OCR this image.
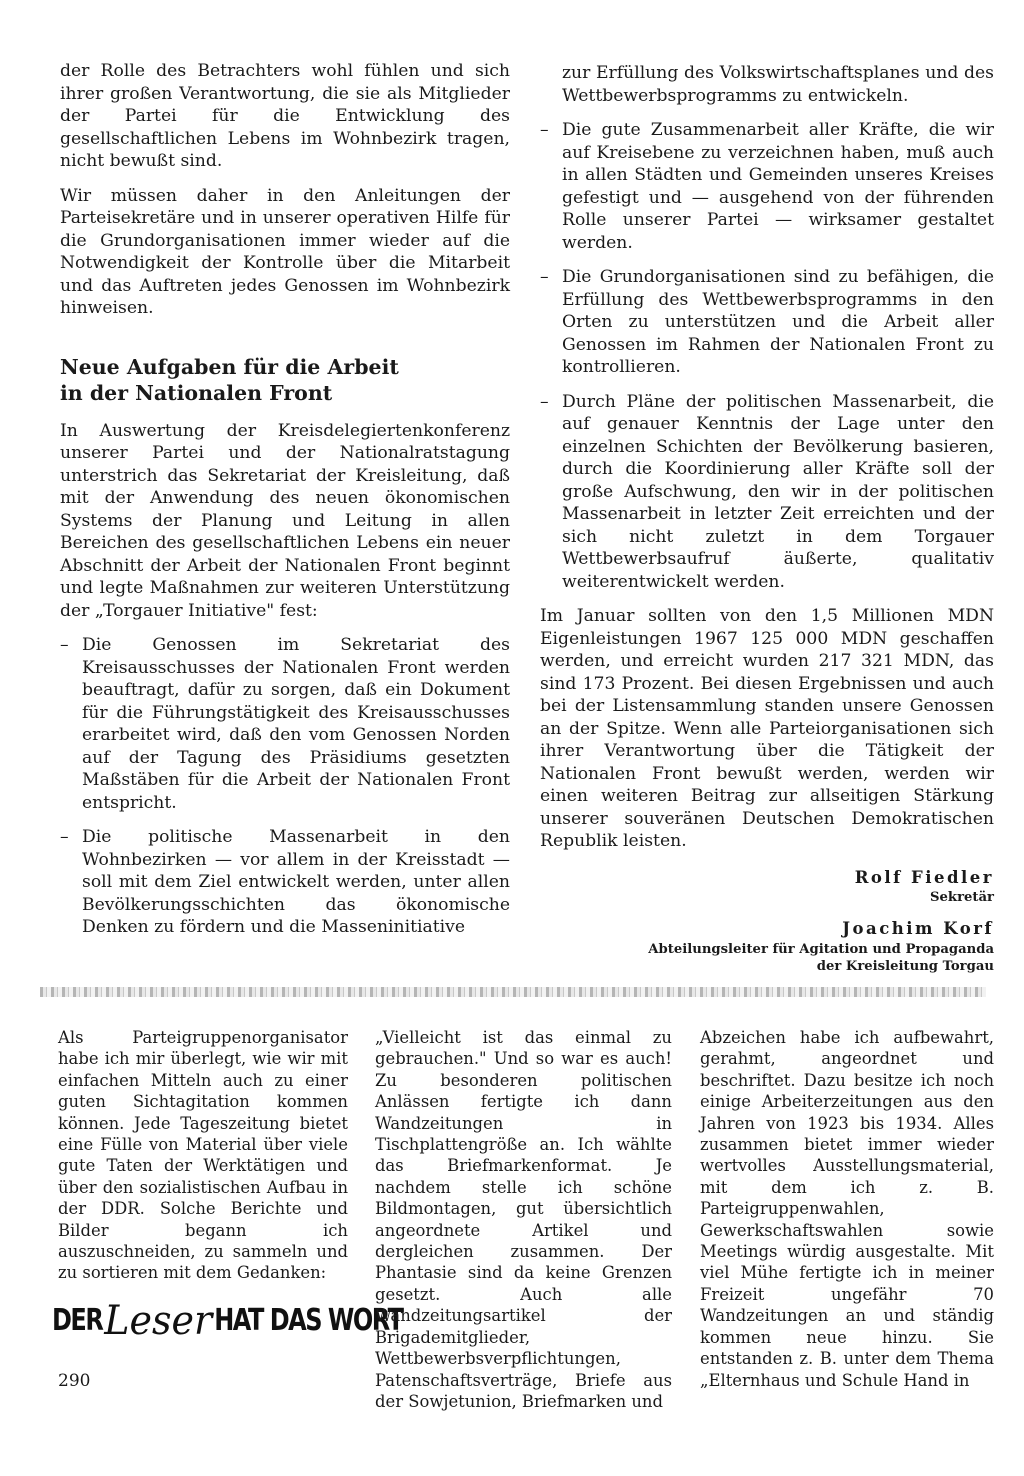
der Rolle des Betrachters wohl fühlen und sich ihrer großen Verantwortung, die sie als Mitglieder der Partei für die Entwicklung des gesellschaftlichen Lebens im Wohnbezirk tragen, nicht bewußt sind.

Wir müssen daher in den Anleitungen der Parteisekretäre und in unserer operativen Hilfe für die Grundorganisationen immer wieder auf die Notwendigkeit der Kontrolle über die Mitarbeit und das Auftreten jedes Genossen im Wohnbezirk hinweisen.

Neue Aufgaben für die Arbeit
in der Nationalen Front

In Auswertung der Kreisdelegiertenkonferenz unserer Partei und der Nationalratstagung unterstrich das Sekretariat der Kreisleitung, daß mit der Anwendung des neuen ökonomischen Systems der Planung und Leitung in allen Bereichen des gesellschaftlichen Lebens ein neuer Abschnitt der Arbeit der Nationalen Front beginnt und legte Maßnahmen zur weiteren Unterstützung der „Torgauer Initiative" fest:

– Die Genossen im Sekretariat des Kreisausschusses der Nationalen Front werden beauftragt, dafür zu sorgen, daß ein Dokument für die Führungstätigkeit des Kreisausschusses erarbeitet wird, daß den vom Genossen Norden auf der Tagung des Präsidiums gesetzten Maßstäben für die Arbeit der Nationalen Front entspricht.
– Die politische Massenarbeit in den Wohnbezirken — vor allem in der Kreisstadt — soll mit dem Ziel entwickelt werden, unter allen Bevölkerungsschichten das ökonomische Denken zu fördern und die Masseninitiative
zur Erfüllung des Volkswirtschaftsplanes und des Wettbewerbsprogramms zu entwickeln.
– Die gute Zusammenarbeit aller Kräfte, die wir auf Kreisebene zu verzeichnen haben, muß auch in allen Städten und Gemeinden unseres Kreises gefestigt und — ausgehend von der führenden Rolle unserer Partei — wirksamer gestaltet werden.
– Die Grundorganisationen sind zu befähigen, die Erfüllung des Wettbewerbsprogramms in den Orten zu unterstützen und die Arbeit aller Genossen im Rahmen der Nationalen Front zu kontrollieren.
– Durch Pläne der politischen Massenarbeit, die auf genauer Kenntnis der Lage unter den einzelnen Schichten der Bevölkerung basieren, durch die Koordinierung aller Kräfte soll der große Aufschwung, den wir in der politischen Massenarbeit in letzter Zeit erreichten und der sich nicht zuletzt in dem Torgauer Wettbewerbsaufruf äußerte, qualitativ weiterentwickelt werden.

Im Januar sollten von den 1,5 Millionen MDN Eigenleistungen 1967 125 000 MDN geschaffen werden, und erreicht wurden 217 321 MDN, das sind 173 Prozent. Bei diesen Ergebnissen und auch bei der Listensammlung standen unsere Genossen an der Spitze. Wenn alle Parteiorganisationen sich ihrer Verantwortung über die Tätigkeit der Nationalen Front bewußt werden, werden wir einen weiteren Beitrag zur allseitigen Stärkung unserer souveränen Deutschen Demokratischen Republik leisten.

Rolf Fiedler

Sekretär

Joachim Korf

Abteilungsleiter für Agitation und Propaganda

der Kreisleitung Torgau

Als Parteigruppenorganisator habe ich mir überlegt, wie wir mit einfachen Mitteln auch zu einer guten Sichtagitation kommen können. Jede Tageszeitung bietet eine Fülle von Material über viele gute Taten der Werktätigen und über den sozialistischen Aufbau in der DDR. Solche Berichte und Bilder begann ich auszuschneiden, zu sammeln und zu sortieren mit dem Gedanken:

DER Leser HAT DAS WORT

„Vielleicht ist das einmal zu gebrauchen." Und so war es auch! Zu besonderen politischen Anlässen fertigte ich dann Wandzeitungen in Tischplattengröße an. Ich wählte das Briefmarkenformat. Je nachdem stelle ich schöne Bildmontagen, gut übersichtlich angeordnete Artikel und dergleichen zusammen. Der Phantasie sind da keine Grenzen gesetzt. Auch alle Wandzeitungsartikel der Brigademitglieder, Wettbewerbsverpflichtungen, Patenschaftsverträge, Briefe aus der Sowjetunion, Briefmarken und

Abzeichen habe ich aufbewahrt, gerahmt, angeordnet und beschriftet. Dazu besitze ich noch einige Arbeiterzeitungen aus den Jahren von 1923 bis 1934. Alles zusammen bietet immer wieder wertvolles Ausstellungsmaterial, mit dem ich z. B. Parteigruppenwahlen, Gewerkschaftswahlen sowie Meetings würdig ausgestalte. Mit viel Mühe fertigte ich in meiner Freizeit ungefähr 70 Wandzeitungen an und ständig kommen neue hinzu. Sie entstanden z. B. unter dem Thema „Elternhaus und Schule Hand in

290
